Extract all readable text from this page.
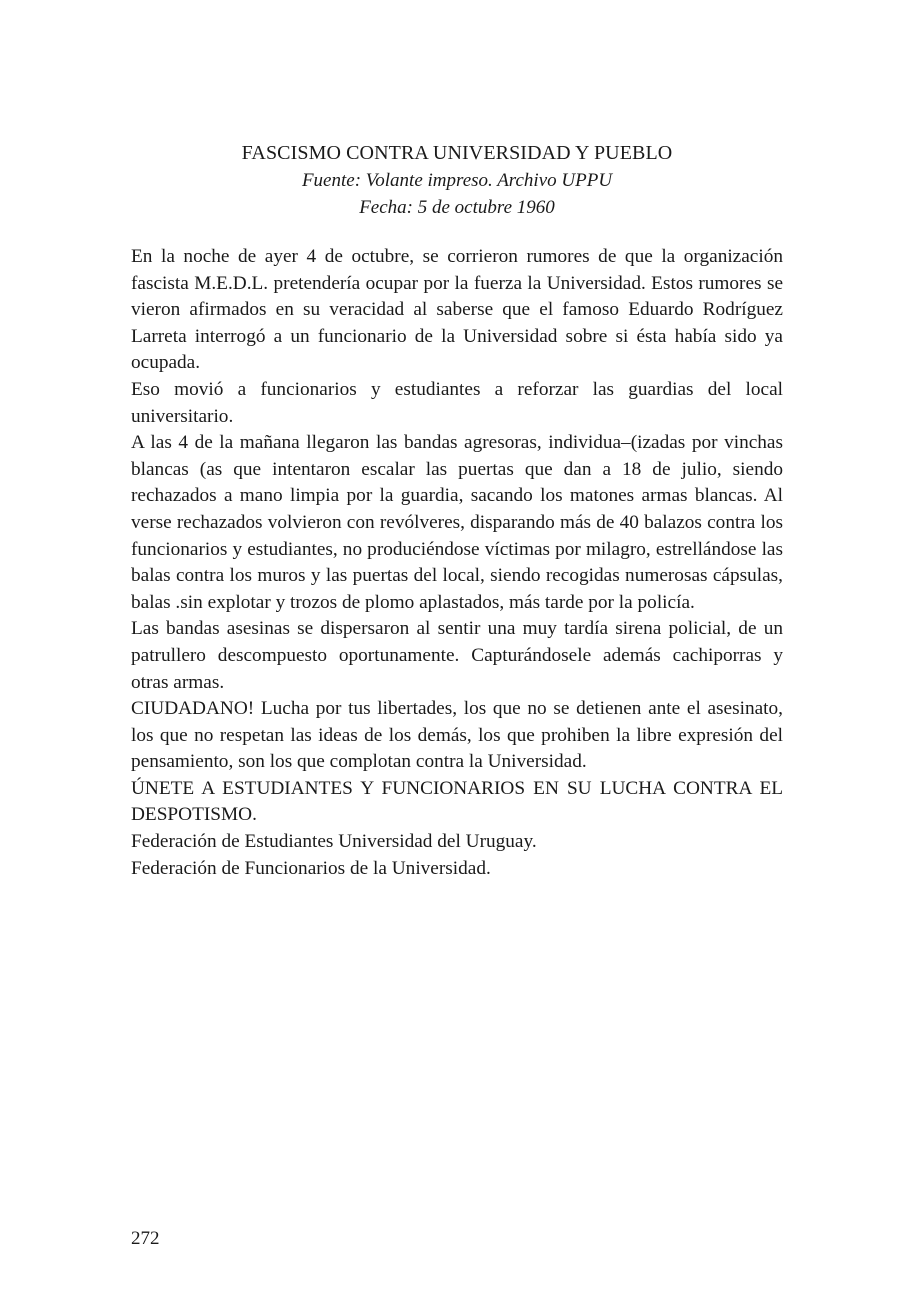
FASCISMO CONTRA UNIVERSIDAD Y PUEBLO
Fuente: Volante impreso. Archivo UPPU
Fecha: 5 de octubre 1960

En la noche de ayer 4 de octubre, se corrieron rumores de que la organización fascista M.E.D.L. pretendería ocupar por la fuerza la Universidad. Estos rumores se vieron afirmados en su veracidad al saberse que el famoso Eduardo Rodríguez Larreta interrogó a un funcionario de la Universidad sobre si ésta había sido ya ocupada.

Eso movió a funcionarios y estudiantes a reforzar las guardias del local universitario.

A las 4 de la mañana llegaron las bandas agresoras, individua–(izadas por vinchas blancas (as que intentaron escalar las puertas que dan a 18 de julio, siendo rechazados a mano limpia por la guardia, sacando los matones armas blancas. Al verse rechazados volvieron con revólveres, disparando más de 40 balazos contra los funcionarios y estudiantes, no produciéndose víctimas por milagro, estrellándose las balas contra los muros y las puertas del local, siendo recogidas numerosas cápsulas, balas .sin explotar y trozos de plomo aplastados, más tarde por la policía.

Las bandas asesinas se dispersaron al sentir una muy tardía sirena policial, de un patrullero descompuesto oportunamente. Capturándosele además cachiporras y otras armas.

CIUDADANO! Lucha por tus libertades, los que no se detienen ante el asesinato, los que no respetan las ideas de los demás, los que prohiben la libre expresión del pensamiento, son los que complotan contra la Universidad.

ÚNETE A ESTUDIANTES Y FUNCIONARIOS EN SU LUCHA CONTRA EL DESPOTISMO.

Federación de Estudiantes Universidad del Uruguay.

Federación de Funcionarios de la Universidad.

272
